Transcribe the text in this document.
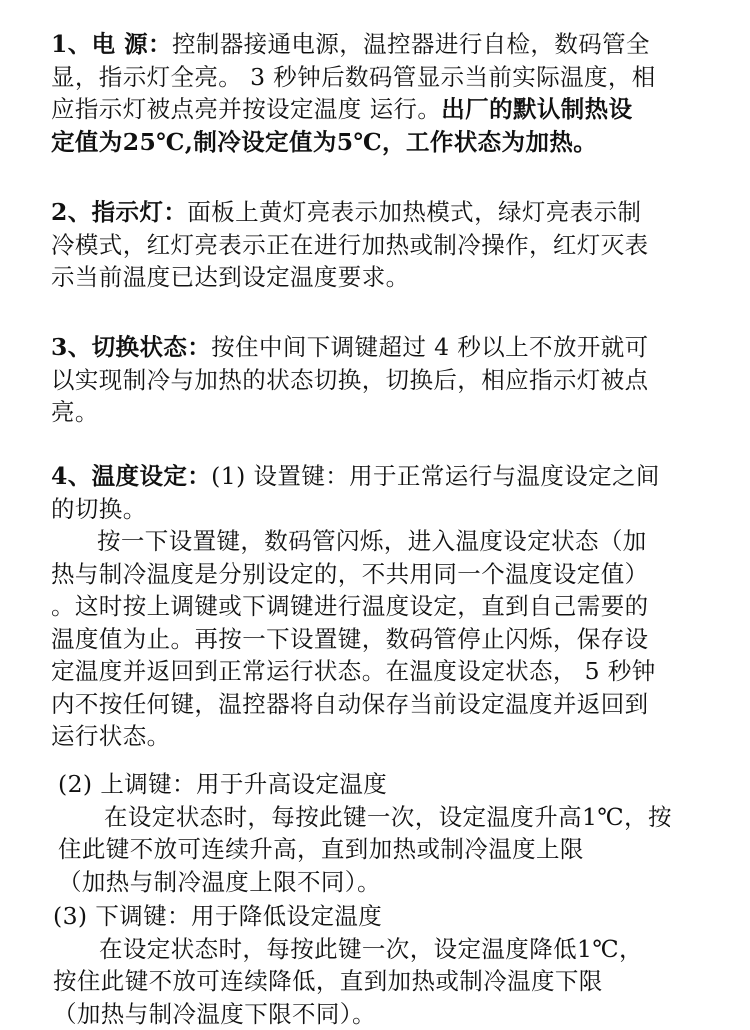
1、电 源：控制器接通电源，温控器进行自检，数码管全
显，指示灯全亮。 3 秒钟后数码管显示当前实际温度，相
应指示灯被点亮并按设定温度 运行。出厂的默认制热设
定值为25℃,制冷设定值为5℃，工作状态为加热。
2、指示灯：面板上黄灯亮表示加热模式，绿灯亮表示制
冷模式，红灯亮表示正在进行加热或制冷操作，红灯灭表
示当前温度已达到设定温度要求。
3、切换状态：按住中间下调键超过 4 秒以上不放开就可
以实现制冷与加热的状态切换，切换后，相应指示灯被点
亮。
4、温度设定：(1) 设置键：用于正常运行与温度设定之间
的切换。
按一下设置键，数码管闪烁，进入温度设定状态（加
热与制冷温度是分别设定的，不共用同一个温度设定值）
。这时按上调键或下调键进行温度设定，直到自己需要的
温度值为止。再按一下设置键，数码管停止闪烁，保存设
定温度并返回到正常运行状态。在温度设定状态， 5 秒钟
内不按任何键，温控器将自动保存当前设定温度并返回到
运行状态。
(2) 上调键：用于升高设定温度
在设定状态时，每按此键一次，设定温度升高1℃，按
住此键不放可连续升高，直到加热或制冷温度上限
（加热与制冷温度上限不同）。
(3) 下调键：用于降低设定温度
在设定状态时，每按此键一次，设定温度降低1℃，
按住此键不放可连续降低，直到加热或制冷温度下限
（加热与制冷温度下限不同）。
